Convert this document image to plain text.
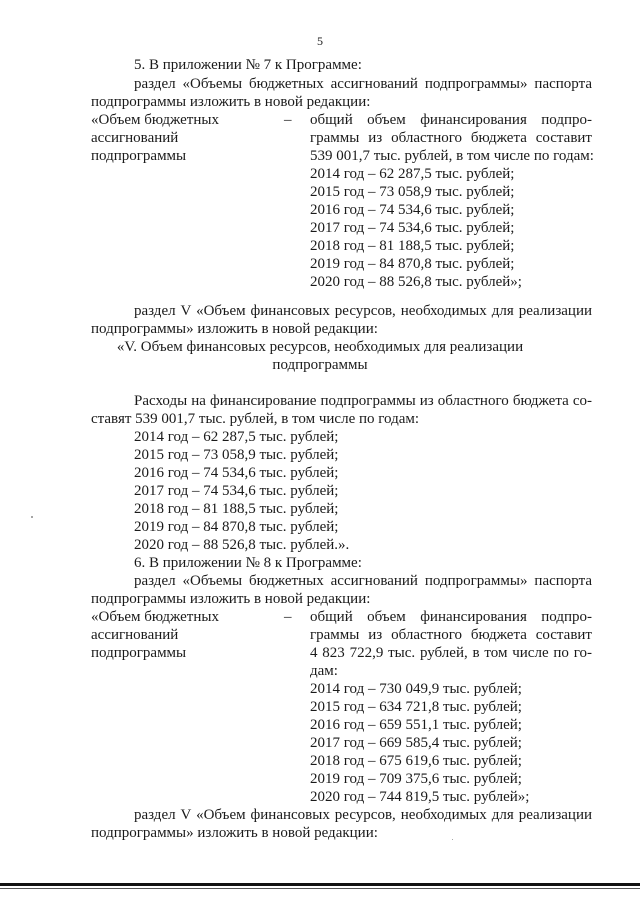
5
5. В приложении № 7 к Программе:
раздел «Объемы бюджетных ассигнований подпрограммы» паспорта
подпрограммы изложить в новой редакции:
«Объем бюджетных
ассигнований
подпрограммы
– общий объем финансирования подпро-
граммы из областного бюджета составит
539 001,7 тыс. рублей, в том числе по годам:
2014 год – 62 287,5 тыс. рублей;
2015 год – 73 058,9 тыс. рублей;
2016 год – 74 534,6 тыс. рублей;
2017 год – 74 534,6 тыс. рублей;
2018 год – 81 188,5 тыс. рублей;
2019 год – 84 870,8 тыс. рублей;
2020 год – 88 526,8 тыс. рублей»;
раздел V «Объем финансовых ресурсов, необходимых для реализации
подпрограммы» изложить в новой редакции:
«V. Объем финансовых ресурсов, необходимых для реализации
подпрограммы
Расходы на финансирование подпрограммы из областного бюджета со-
ставят 539 001,7 тыс. рублей, в том числе по годам:
2014 год – 62 287,5 тыс. рублей;
2015 год – 73 058,9 тыс. рублей;
2016 год – 74 534,6 тыс. рублей;
2017 год – 74 534,6 тыс. рублей;
2018 год – 81 188,5 тыс. рублей;
2019 год – 84 870,8 тыс. рублей;
2020 год – 88 526,8 тыс. рублей.».
6. В приложении № 8 к Программе:
раздел «Объемы бюджетных ассигнований подпрограммы» паспорта
подпрограммы изложить в новой редакции:
«Объем бюджетных
ассигнований
подпрограммы
– общий объем финансирования подпро-
граммы из областного бюджета составит
4 823 722,9 тыс. рублей, в том числе по го-
дам:
2014 год – 730 049,9 тыс. рублей;
2015 год – 634 721,8 тыс. рублей;
2016 год – 659 551,1 тыс. рублей;
2017 год – 669 585,4 тыс. рублей;
2018 год – 675 619,6 тыс. рублей;
2019 год – 709 375,6 тыс. рублей;
2020 год – 744 819,5 тыс. рублей»;
раздел V «Объем финансовых ресурсов, необходимых для реализации
подпрограммы» изложить в новой редакции:
